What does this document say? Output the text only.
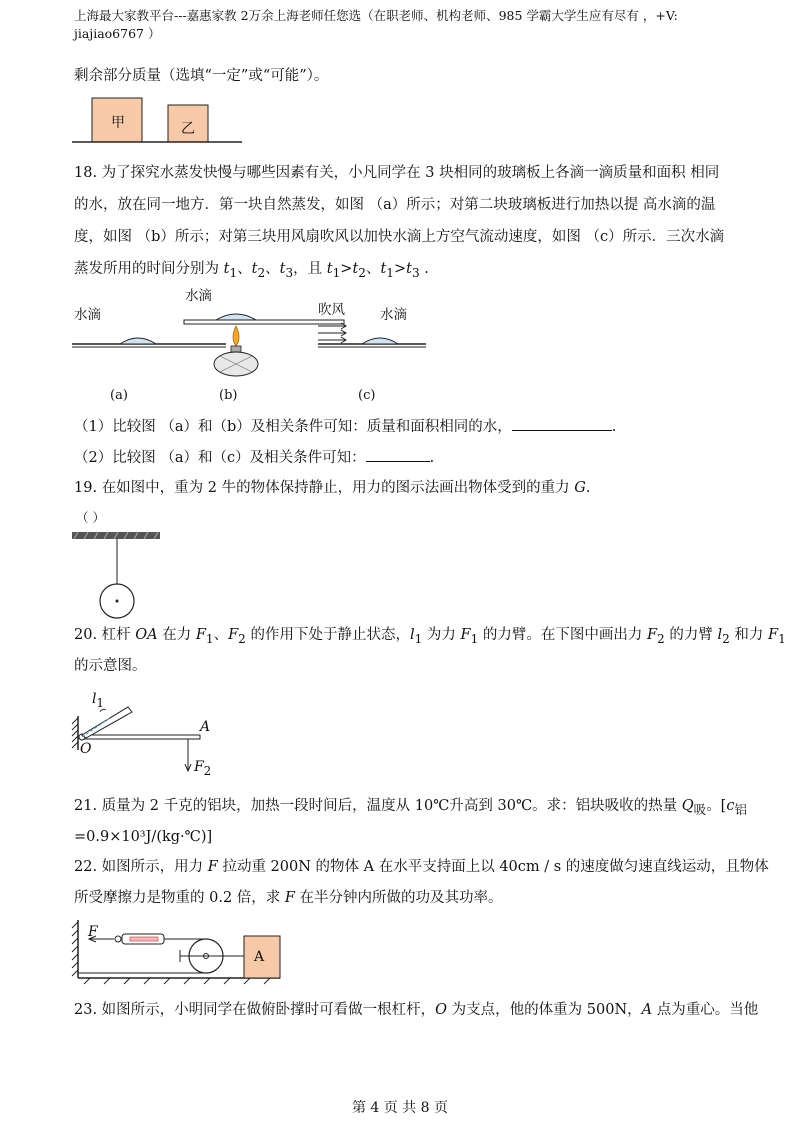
上海最大家教平台---嘉惠家教 2万余上海老师任您选（在职老师、机构老师、985 学霸大学生应有尽有 ，+V:
jiajiao6767 ）
剩余部分质量（选填“一定”或“可能”）。
甲	乙
18. 为了探究水蒸发快慢与哪些因素有关，小凡同学在 3 块相同的玻璃板上各滴一滴质量和面积 相同
的水，放在同一地方．第一块自然蒸发，如图 （a）所示；对第二块玻璃板进行加热以提 高水滴的温
度，如图 （b）所示；对第三块用风扇吹风以加快水滴上方空气流动速度，如图 （c）所示．三次水滴
蒸发所用的时间分别为 $t_1$、$t_2$、$t_3$，且 $t_1>t_2$、$t_1>t_3$ .
水滴
水滴
吹风	水滴
(a)	(b)	(c)
（1）比较图 （a）和（b）及相关条件可知：质量和面积相同的水，	.
（2）比较图 （a）和（c）及相关条件可知：	.
19. 在如图中，重为 2 牛的物体保持静止，用力的图示法画出物体受到的重力 G.
（ ）
20. 杠杆 OA 在力 $F_1$、$F_2$ 的作用下处于静止状态，$l_1$ 为力 $F_1$ 的力臂。在下图中画出力 $F_2$ 的力臂 $l_2$ 和力 $F_1$
的示意图。
$l_1$
A
O
$F_2$
21. 质量为 2 千克的铝块，加热一段时间后，温度从 10℃升高到 30℃。求：铝块吸收的热量 $Q_吸$。[$c_铝$
=0.9×10³J/(kg·℃)]
22. 如图所示，用力 F 拉动重 200N 的物体 A 在水平支持面上以 40cm / s 的速度做匀速直线运动，且物体
所受摩擦力是物重的 0.2 倍，求 F 在半分钟内所做的功及其功率。
F
A
23. 如图所示，小明同学在做俯卧撑时可看做一根杠杆，O 为支点，他的体重为 500N，A 点为重心。当他
第 4 页 共 8 页
